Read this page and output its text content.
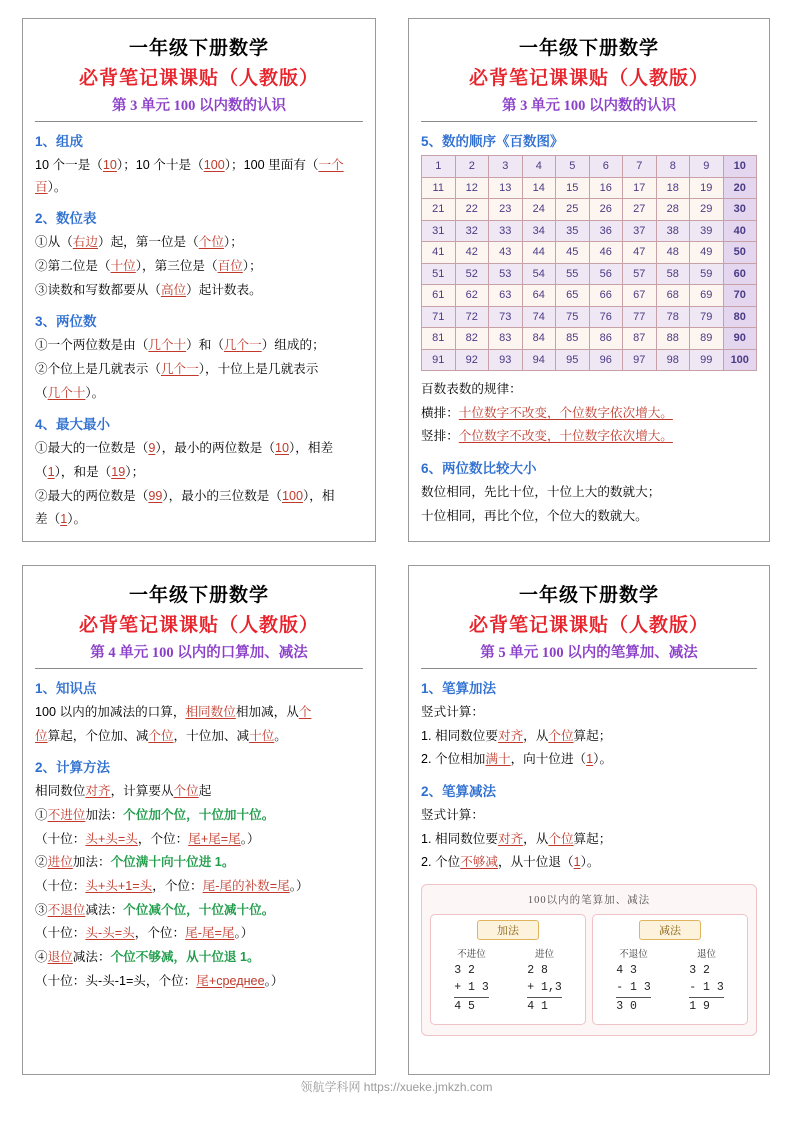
一年级下册数学
必背笔记课课贴（人教版）
第 3 单元 100 以内数的认识
1、组成
10 个一是（10）；10 个十是（100）；100 里面有（一个百）。
2、数位表
①从（右边）起，第一位是（个位）；
②第二位是（十位），第三位是（百位）；
③读数和写数都要从（高位）起计数表。
3、两位数
①一个两位数是由（几个十）和（几个一）组成的；
②个位上是几就表示（几个一），十位上是几就表示
（几个十）。
4、最大最小
①最大的一位数是（9），最小的两位数是（10），相差
（1），和是（19）；
②最大的两位数是（99），最小的三位数是（100），相
差（1）。
一年级下册数学
必背笔记课课贴（人教版）
第 3 单元 100 以内数的认识
5、数的顺序《百数图》
1	2	3	4	5	6	7	8	9	10
11	12	13	14	15	16	17	18	19	20
21	22	23	24	25	26	27	28	29	30
31	32	33	34	35	36	37	38	39	40
41	42	43	44	45	46	47	48	49	50
51	52	53	54	55	56	57	58	59	60
61	62	63	64	65	66	67	68	69	70
71	72	73	74	75	76	77	78	79	80
81	82	83	84	85	86	87	88	89	90
91	92	93	94	95	96	97	98	99	100
百数表数的规律：
横排：十位数字不改变，个位数字依次增大。
竖排：个位数字不改变，十位数字依次增大。
6、两位数比较大小
数位相同，先比十位，十位上大的数就大；
十位相同，再比个位，个位大的数就大。
一年级下册数学
必背笔记课课贴（人教版）
第 4 单元 100 以内的口算加、减法
1、知识点
100 以内的加减法的口算，相同数位相加减，从个
位算起，个位加、减个位，十位加、减十位。
2、计算方法
相同数位对齐，计算要从个位起
①不进位加法：个位加个位，十位加十位。
（十位：头+头=头，个位：尾+尾=尾。）
②进位加法：个位满十向十位进 1。
（十位：头+头+1=头，个位：尾-尾的补数=尾。）
③不退位减法：个位减个位，十位减十位。
（十位：头-头=头，个位：尾-尾=尾。）
④退位减法：个位不够减，从十位退 1。
（十位：头-头-1=头，个位：尾+среднее。）
一年级下册数学
必背笔记课课贴（人教版）
第 5 单元 100 以内的笔算加、减法
1、笔算加法
竖式计算：
1. 相同数位要对齐，从个位算起；
2. 个位相加满十，向十位进（1）。
2、笔算减法
竖式计算：
1. 相同数位要对齐，从个位算起；
2. 个位不够减，从十位退（1）。
100以内的笔算加、减法
加法
不进位
3 2
+ 1 3
4 5
进位
2 8
+ 1,3
4 1
减法
不退位
4 3
- 1 3
3 0
退位
3 2
- 1 3
1 9
领航学科网 https://xueke.jmkzh.com
